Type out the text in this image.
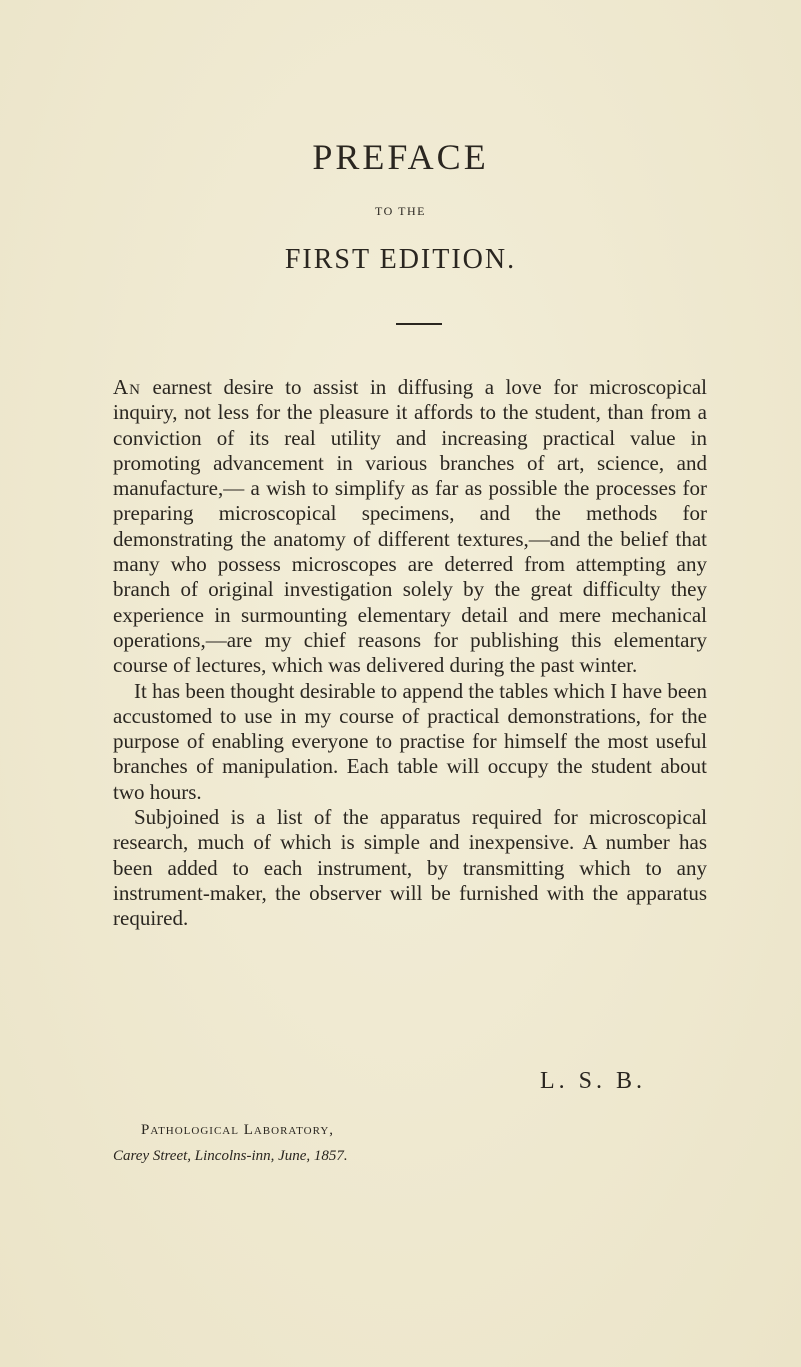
PREFACE
TO THE
FIRST EDITION.

An earnest desire to assist in diffusing a love for microscopical inquiry, not less for the pleasure it affords to the student, than from a conviction of its real utility and increasing practical value in promoting advancement in various branches of art, science, and manufacture,— a wish to simplify as far as possible the processes for preparing microscopical specimens, and the methods for demonstrating the anatomy of different textures,—and the belief that many who possess microscopes are deterred from attempting any branch of original investigation solely by the great difficulty they experience in surmounting elementary detail and mere mechanical operations,—are my chief reasons for publishing this elementary course of lectures, which was delivered during the past winter.

It has been thought desirable to append the tables which I have been accustomed to use in my course of practical demonstrations, for the purpose of enabling everyone to practise for himself the most useful branches of manipulation. Each table will occupy the student about two hours.

Subjoined is a list of the apparatus required for microscopical research, much of which is simple and inexpensive. A number has been added to each instrument, by transmitting which to any instrument-maker, the observer will be furnished with the apparatus required.

L. S. B.
Pathological Laboratory,
Carey Street, Lincolns-inn, June, 1857.
